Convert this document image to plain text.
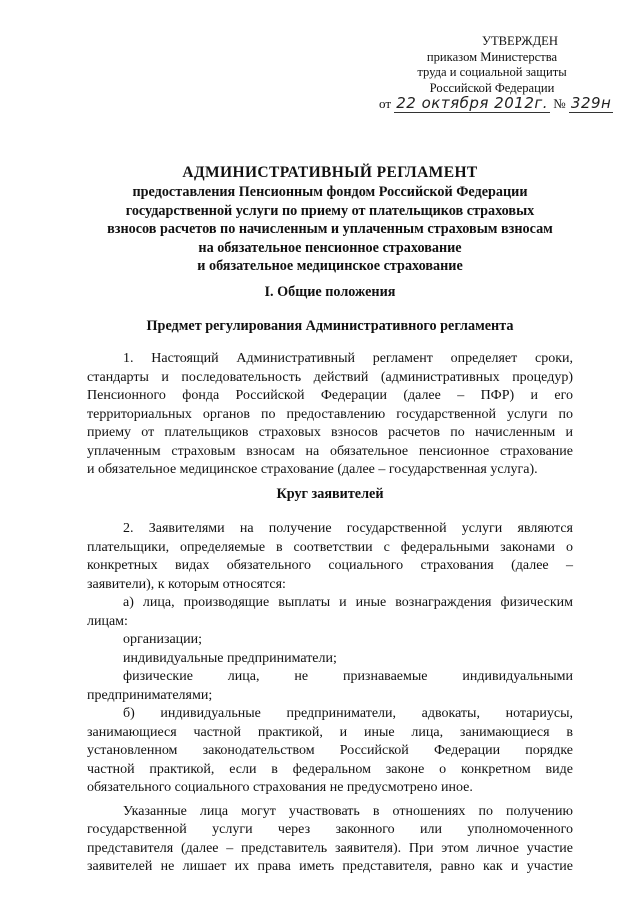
УТВЕРЖДЕН
приказом Министерства
труда и социальной защиты
Российской Федерации
от 22 октября 2012г. № 329н
АДМИНИСТРАТИВНЫЙ РЕГЛАМЕНТ
предоставления Пенсионным фондом Российской Федерации
государственной услуги по приему от плательщиков страховых
взносов расчетов по начисленным и уплаченным страховым взносам
на обязательное пенсионное страхование
и обязательное медицинское страхование
I. Общие положения
Предмет регулирования Административного регламента
1. Настоящий Административный регламент определяет сроки,
стандарты и последовательность действий (административных процедур)
Пенсионного фонда Российской Федерации (далее – ПФР) и его
территориальных органов по предоставлению государственной услуги по
приему от плательщиков страховых взносов расчетов по начисленным и
уплаченным страховым взносам на обязательное пенсионное страхование
и обязательное медицинское страхование (далее – государственная услуга).
Круг заявителей
2. Заявителями на получение государственной услуги являются
плательщики, определяемые в соответствии с федеральными законами о
конкретных видах обязательного социального страхования (далее –
заявители), к которым относятся:
а) лица, производящие выплаты и иные вознаграждения физическим
лицам:
организации;
индивидуальные предприниматели;
физические лица, не признаваемые индивидуальными
предпринимателями;
б) индивидуальные предприниматели, адвокаты, нотариусы,
занимающиеся частной практикой, и иные лица, занимающиеся в
установленном законодательством Российской Федерации порядке
частной практикой, если в федеральном законе о конкретном виде
обязательного социального страхования не предусмотрено иное.
Указанные лица могут участвовать в отношениях по получению
государственной услуги через законного или уполномоченного
представителя (далее – представитель заявителя). При этом личное участие
заявителей не лишает их права иметь представителя, равно как и участие
